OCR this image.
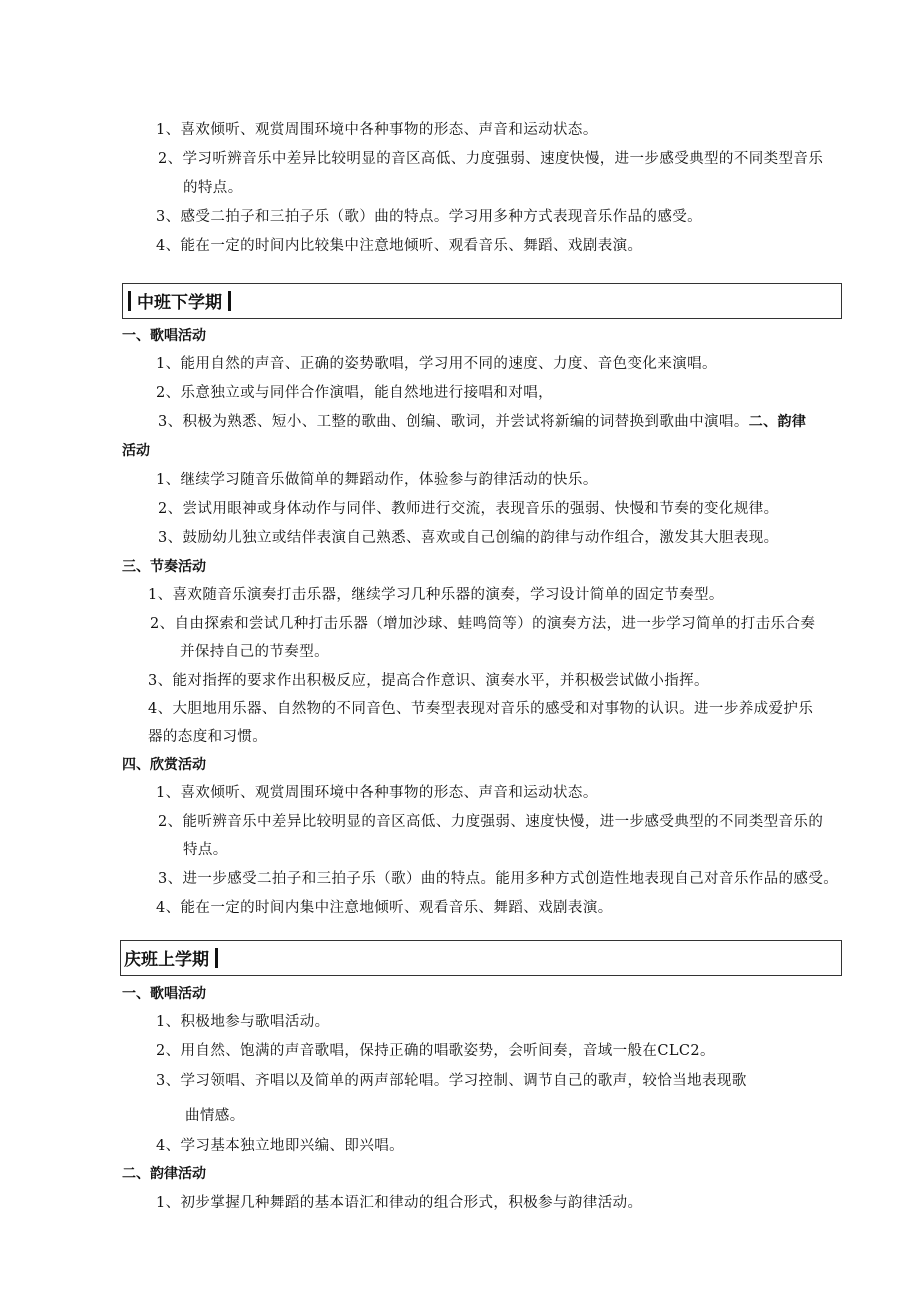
1、喜欢倾听、观赏周围环境中各种事物的形态、声音和运动状态。
2、学习听辨音乐中差异比较明显的音区高低、力度强弱、速度快慢，进一步感受典型的不同类型音乐
的特点。
3、感受二拍子和三拍子乐（歌）曲的特点。学习用多种方式表现音乐作品的感受。
4、能在一定的时间内比较集中注意地倾听、观看音乐、舞蹈、戏剧表演。
中班下学期
一、歌唱活动
1、能用自然的声音、正确的姿势歌唱，学习用不同的速度、力度、音色变化来演唱。
2、乐意独立或与同伴合作演唱，能自然地进行接唱和对唱，
3、积极为熟悉、短小、工整的歌曲、创编、歌词，并尝试将新编的词替换到歌曲中演唱。二、韵律
活动
1、继续学习随音乐做简单的舞蹈动作，体验参与韵律活动的快乐。
2、尝试用眼神或身体动作与同伴、教师进行交流，表现音乐的强弱、快慢和节奏的变化规律。
3、鼓励幼儿独立或结伴表演自己熟悉、喜欢或自己创编的韵律与动作组合，激发其大胆表现。
三、节奏活动
1、喜欢随音乐演奏打击乐器，继续学习几种乐器的演奏，学习设计简单的固定节奏型。
2、自由探索和尝试几种打击乐器（增加沙球、蛙鸣筒等）的演奏方法，进一步学习简单的打击乐合奏
并保持自己的节奏型。
3、能对指挥的要求作出积极反应，提高合作意识、演奏水平，并积极尝试做小指挥。
4、大胆地用乐器、自然物的不同音色、节奏型表现对音乐的感受和对事物的认识。进一步养成爱护乐
器的态度和习惯。
四、欣赏活动
1、喜欢倾听、观赏周围环境中各种事物的形态、声音和运动状态。
2、能听辨音乐中差异比较明显的音区高低、力度强弱、速度快慢，进一步感受典型的不同类型音乐的
特点。
3、进一步感受二拍子和三拍子乐（歌）曲的特点。能用多种方式创造性地表现自己对音乐作品的感受。
4、能在一定的时间内集中注意地倾听、观看音乐、舞蹈、戏剧表演。
庆班上学期
一、歌唱活动
1、积极地参与歌唱活动。
2、用自然、饱满的声音歌唱，保持正确的唱歌姿势，会听间奏，音域一般在CLC2。
3、学习领唱、齐唱以及简单的两声部轮唱。学习控制、调节自己的歌声，较恰当地表现歌
曲情感。
4、学习基本独立地即兴编、即兴唱。
二、韵律活动
1、初步掌握几种舞蹈的基本语汇和律动的组合形式，积极参与韵律活动。
